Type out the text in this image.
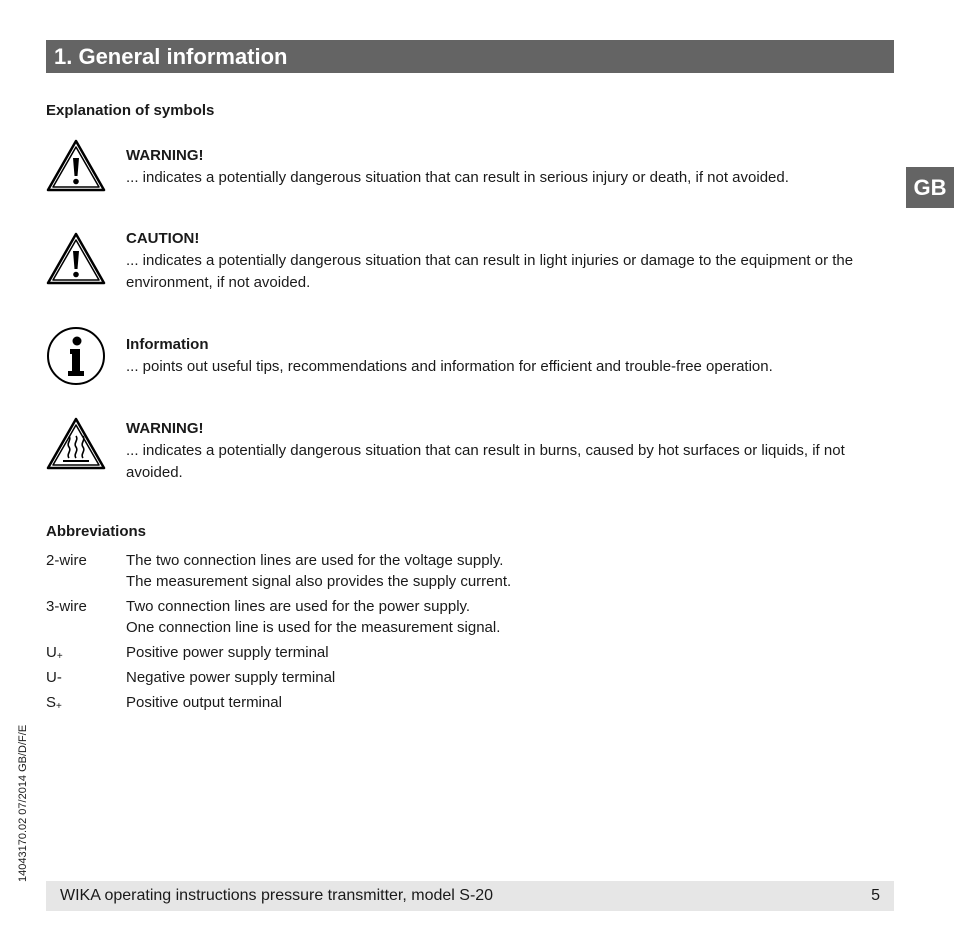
1. General information
GB
Explanation of symbols
WARNING!
... indicates a potentially dangerous situation that can result in serious injury or death, if not avoided.
CAUTION!
... indicates a potentially dangerous situation that can result in light injuries or damage to the equipment or the environment, if not avoided.
Information
... points out useful tips, recommendations and information for efficient and trouble-free operation.
WARNING!
... indicates a potentially dangerous situation that can result in burns, caused by hot surfaces or liquids, if not avoided.
Abbreviations
2-wire	The two connection lines are used for the voltage supply.
The measurement signal also provides the supply current.
3-wire	Two connection lines are used for the power supply.
One connection line is used for the measurement signal.
$U_+$	Positive power supply terminal
U-	Negative power supply terminal
$S_+$	Positive output terminal
14043170.02 07/2014 GB/D/F/E
WIKA operating instructions pressure transmitter, model S-20	5
